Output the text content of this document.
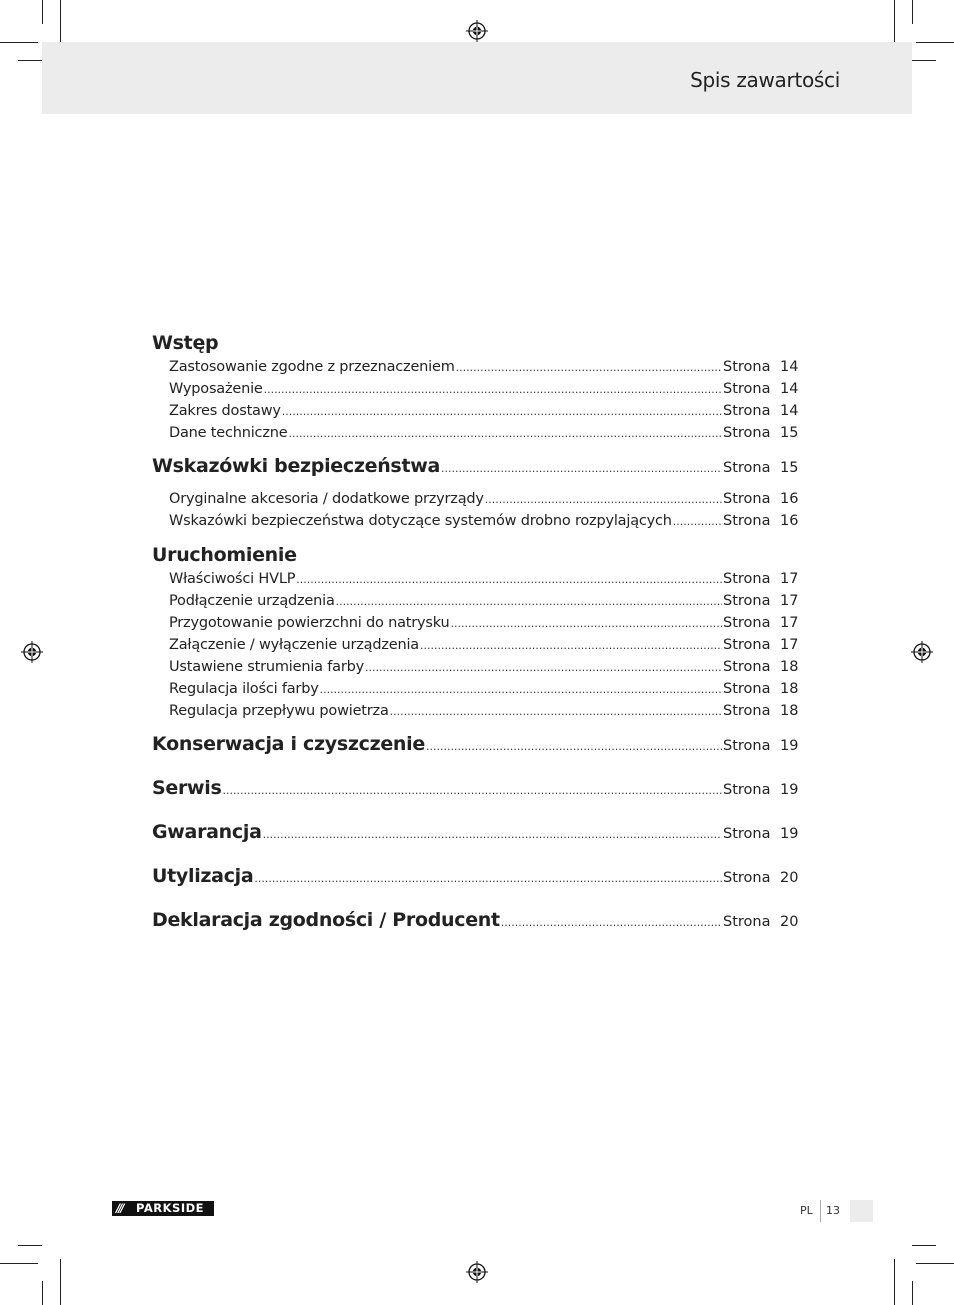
Spis zawartości
Wstęp
Zastosowanie zgodne z przeznaczeniem .....	Strona 14
Wyposażenie .....	Strona 14
Zakres dostawy .....	Strona 14
Dane techniczne .....	Strona 15
Wskazówki bezpieczeństwa .....	Strona 15
Oryginalne akcesoria / dodatkowe przyrządy .....	Strona 16
Wskazówki bezpieczeństwa dotyczące systemów drobno rozpylających .....	Strona 16
Uruchomienie
Właściwości HVLP .....	Strona 17
Podłączenie urządzenia .....	Strona 17
Przygotowanie powierzchni do natrysku .....	Strona 17
Załączenie / wyłączenie urządzenia .....	Strona 17
Ustawiene strumienia farby .....	Strona 18
Regulacja ilości farby .....	Strona 18
Regulacja przepływu powietrza .....	Strona 18
Konserwacja i czyszczenie .....	Strona 19
Serwis .....	Strona 19
Gwarancja .....	Strona 19
Utylizacja .....	Strona 20
Deklaracja zgodności / Producent .....	Strona 20
/// PARKSIDE	PL 13
